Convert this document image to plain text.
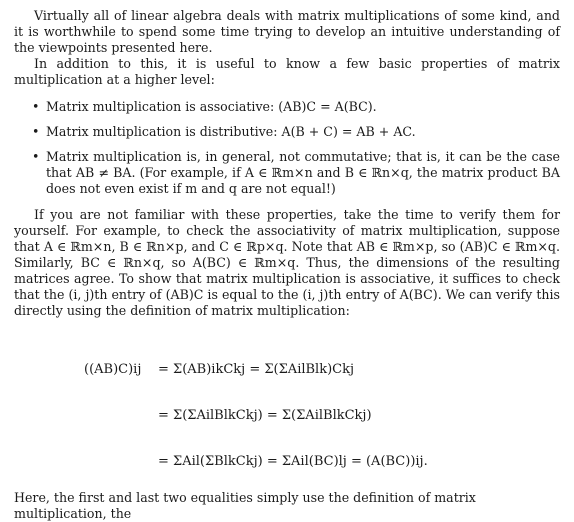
Virtually all of linear algebra deals with matrix multiplications of some kind, and it is worthwhile to spend some time trying to develop an intuitive understanding of the viewpoints presented here.

In addition to this, it is useful to know a few basic properties of matrix multiplication at a higher level:

• Matrix multiplication is associative: (AB)C = A(BC).
• Matrix multiplication is distributive: A(B + C) = AB + AC.
• Matrix multiplication is, in general, not commutative; that is, it can be the case that AB ≠ BA. (For example, if A ∈ ℝm×n and B ∈ ℝn×q, the matrix product BA does not even exist if m and q are not equal!)

If you are not familiar with these properties, take the time to verify them for yourself. For example, to check the associativity of matrix multiplication, suppose that A ∈ ℝm×n, B ∈ ℝn×p, and C ∈ ℝp×q. Note that AB ∈ ℝm×p, so (AB)C ∈ ℝm×q. Similarly, BC ∈ ℝn×q, so A(BC) ∈ ℝm×q. Thus, the dimensions of the resulting matrices agree. To show that matrix multiplication is associative, it suffices to check that the (i, j)th entry of (AB)C is equal to the (i, j)th entry of A(BC). We can verify this directly using the definition of matrix multiplication:

((AB)C)ij = Σ(AB)ikCkj = Σ(ΣAilBlk)Ckj
= Σ(ΣAilBlkCkj) = Σ(ΣAilBlkCkj)
= ΣAil(ΣBlkCkj) = ΣAil(BC)lj = (A(BC))ij.
Here, the first and last two equalities simply use the definition of matrix multiplication, the
